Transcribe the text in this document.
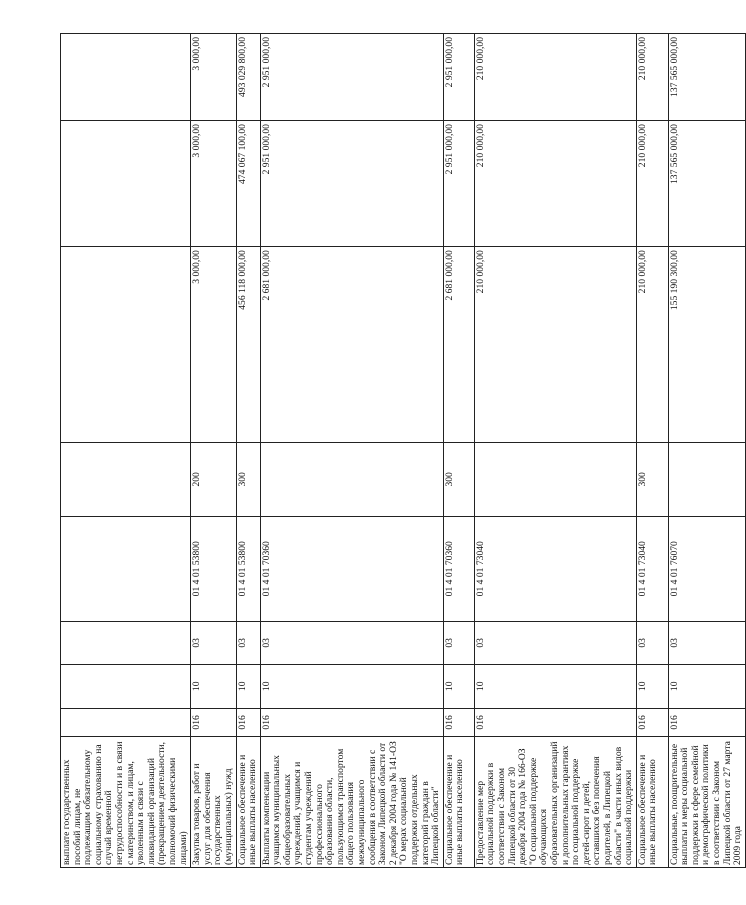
выплате государственных пособий лицам, не подлежащим обязательному социальному страхованию на случай временной нетрудоспособности и в связи с материнством, и лицам, уволенным в связи с ликвидацией организаций (прекращением деятельности, полномочий физическими лицами)								
Закупка товаров, работ и услуг для обеспечения государственных (муниципальных) нужд	016	10	03	01 4 01 53800	200	3 000,00	3 000,00	3 000,00
Социальное обеспечение и иные выплаты населению	016	10	03	01 4 01 53800	300	456 118 000,00	474 067 100,00	493 029 800,00
Выплаты компенсации учащимся муниципальных общеобразовательных учреждений, учащимся и студентам учреждений профессионального образования области, пользующимся транспортом общего пользования межмуниципального сообщения в соответствии с Законом Липецкой области от 2 декабря 2004 года № 141-ОЗ "О мерах социальной поддержки отдельных категорий граждан в Липецкой области"	016	10	03	01 4 01 70360		2 681 000,00	2 951 000,00	2 951 000,00
Социальное обеспечение и иные выплаты населению	016	10	03	01 4 01 70360	300	2 681 000,00	2 951 000,00	2 951 000,00
Предоставление мер социальной поддержки в соответствии с Законом Липецкой области от 30 декабря 2004 года № 166-ОЗ "О социальной поддержке обучающихся образовательных организаций и дополнительных гарантиях по социальной поддержке детей-сирот и детей, оставшихся без попечения родителей, в Липецкой области" в части иных видов социальной поддержки	016	10	03	01 4 01 73040		210 000,00	210 000,00	210 000,00
Социальное обеспечение и иные выплаты населению	016	10	03	01 4 01 73040	300	210 000,00	210 000,00	210 000,00
Социальные, поощрительные выплаты и меры социальной поддержки в сфере семейной и демографической политики в соответствии с Законом Липецкой области от 27 марта 2009 года	016	10	03	01 4 01 76070		155 190 300,00	137 565 000,00	137 565 000,00
